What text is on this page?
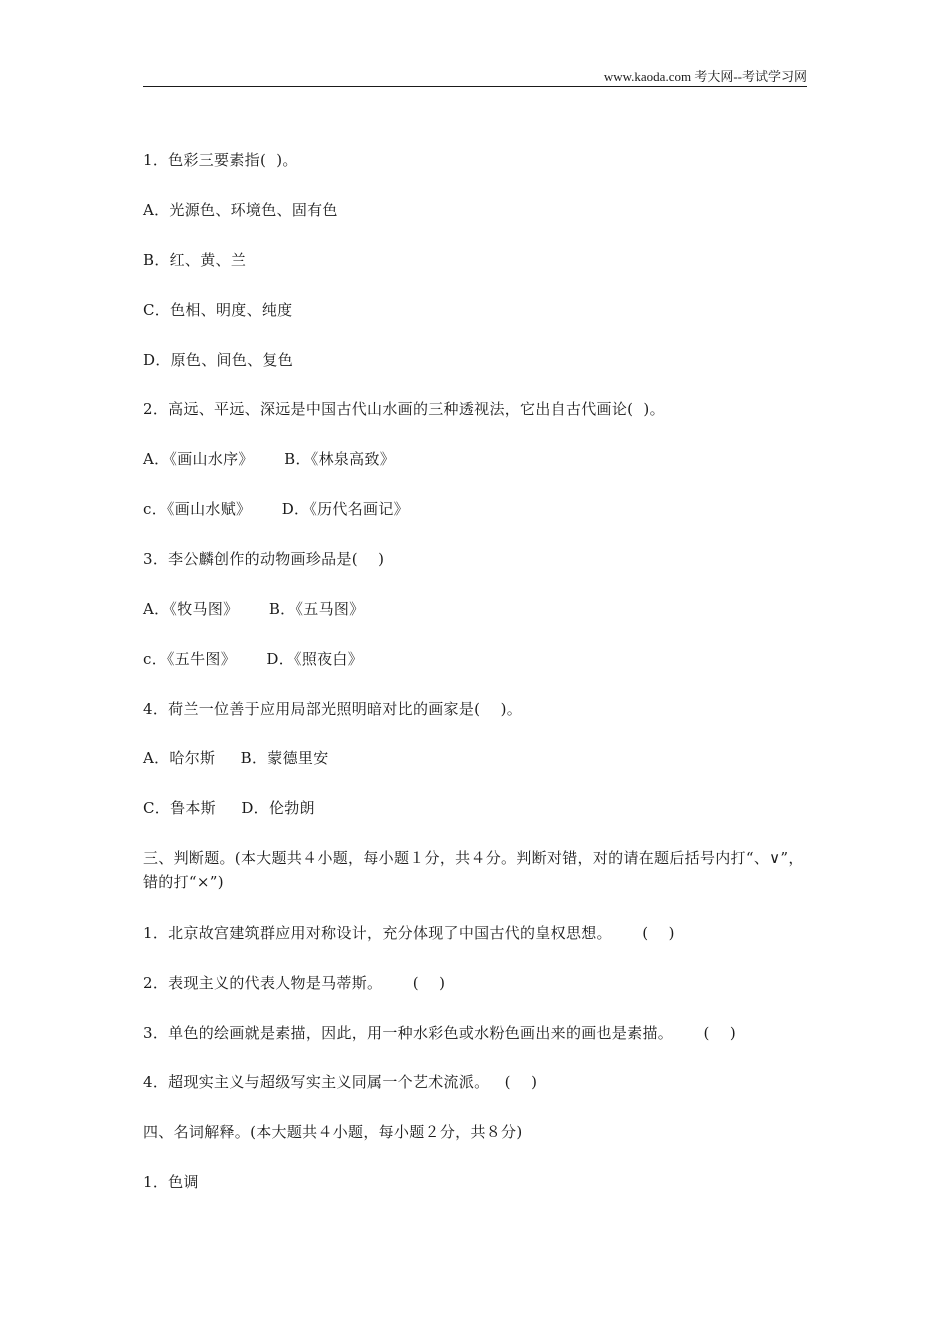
www.kaoda.com 考大网--考试学习网
1．色彩三要素指(  )。
A．光源色、环境色、固有色
B．红、黄、兰
C．色相、明度、纯度
D．原色、间色、复色
2．高远、平远、深远是中国古代山水画的三种透视法，它出自古代画论(  )。
A．《画山水序》      B．《林泉高致》
c．《画山水赋》      D．《历代名画记》
3．李公麟创作的动物画珍品是(    )
A．《牧马图》      B．《五马图》
c．《五牛图》      D．《照夜白》
4．荷兰一位善于应用局部光照明暗对比的画家是(    )。
A．哈尔斯     B．蒙德里安
C．鲁本斯     D．伦勃朗
三、判断题。(本大题共４小题，每小题１分，共４分。判断对错，对的请在题后括号内打“、∨”，错的打“×”)
1．北京故宫建筑群应用对称设计，充分体现了中国古代的皇权思想。      (    )
2．表现主义的代表人物是马蒂斯。      (    )
3．单色的绘画就是素描，因此，用一种水彩色或水粉色画出来的画也是素描。      (    )
4．超现实主义与超级写实主义同属一个艺术流派。   (    )
四、名词解释。(本大题共４小题，每小题２分，共８分)
1．色调
